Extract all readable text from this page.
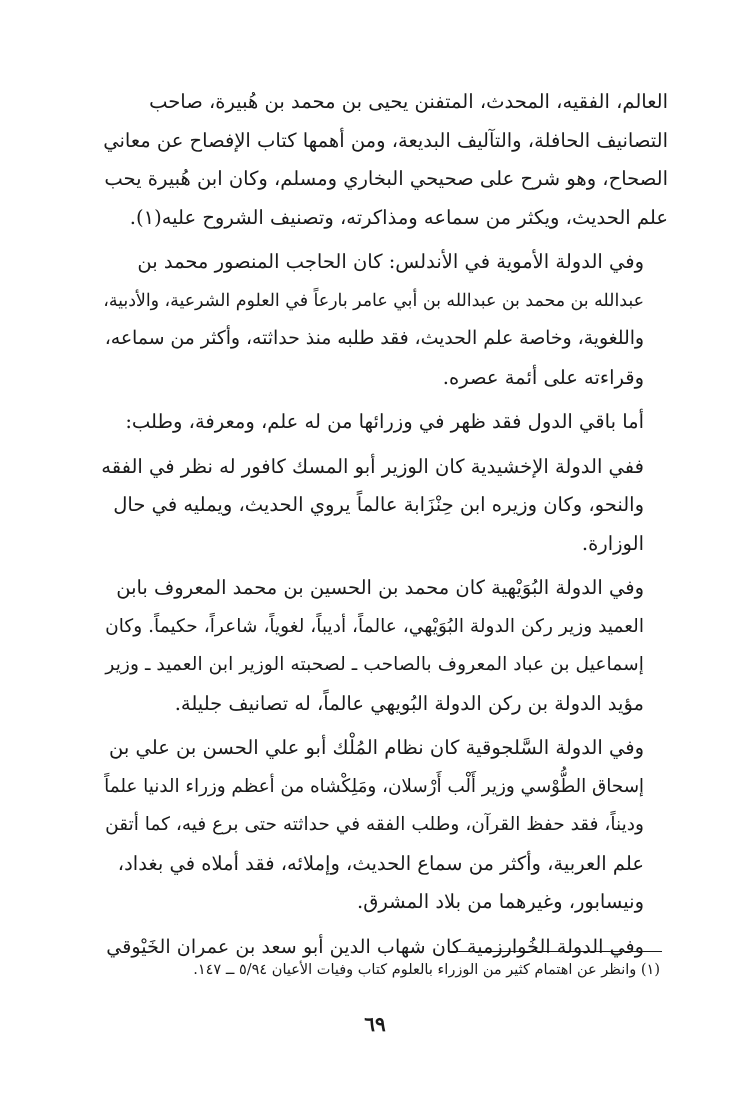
العالم، الفقيه، المحدث، المتفنن يحيى بن محمد بن هُبيرة، صاحب
التصانيف الحافلة، والتآليف البديعة، ومن أهمها كتاب الإفصاح عن معاني
الصحاح، وهو شرح على صحيحي البخاري ومسلم، وكان ابن هُبيرة يحب
علم الحديث، ويكثر من سماعه ومذاكرته، وتصنيف الشروح عليه(١).

وفي الدولة الأموية في الأندلس: كان الحاجب المنصور محمد بن
عبدالله بن محمد بن عبدالله بن أبي عامر بارعاً في العلوم الشرعية، والأدبية،
واللغوية، وخاصة علم الحديث، فقد طلبه منذ حداثته، وأكثر من سماعه،
وقراءته على أئمة عصره.

أما باقي الدول فقد ظهر في وزرائها من له علم، ومعرفة، وطلب:

ففي الدولة الإخشيدية كان الوزير أبو المسك كافور له نظر في الفقه
والنحو، وكان وزيره ابن حِنْزَابة عالماً يروي الحديث، ويمليه في حال
الوزارة.

وفي الدولة البُوَيْهية كان محمد بن الحسين بن محمد المعروف بابن
العميد وزير ركن الدولة البُوَيْهي، عالماً، أديباً، لغوياً، شاعراً، حكيماً. وكان
إسماعيل بن عباد المعروف بالصاحب ـ لصحبته الوزير ابن العميد ـ وزير
مؤيد الدولة بن ركن الدولة البُويهي عالماً، له تصانيف جليلة.

وفي الدولة السَّلجوقية كان نظام المُلْك أبو علي الحسن بن علي بن
إسحاق الطُّوْسي وزير أَلْب أَرْسلان، ومَلِكْشاه من أعظم وزراء الدنيا علماً
وديناً، فقد حفظ القرآن، وطلب الفقه في حداثته حتى برع فيه، كما أتقن
علم العربية، وأكثر من سماع الحديث، وإملائه، فقد أملاه في بغداد،
ونيسابور، وغيرهما من بلاد المشرق.

وفي الدولة الخُوارزمية كان شهاب الدين أبو سعد بن عمران الخَيْوقي

(١) وانظر عن اهتمام كثير من الوزراء بالعلوم كتاب وفيات الأعيان ٥/٩٤ ــ ١٤٧.
٦٩
